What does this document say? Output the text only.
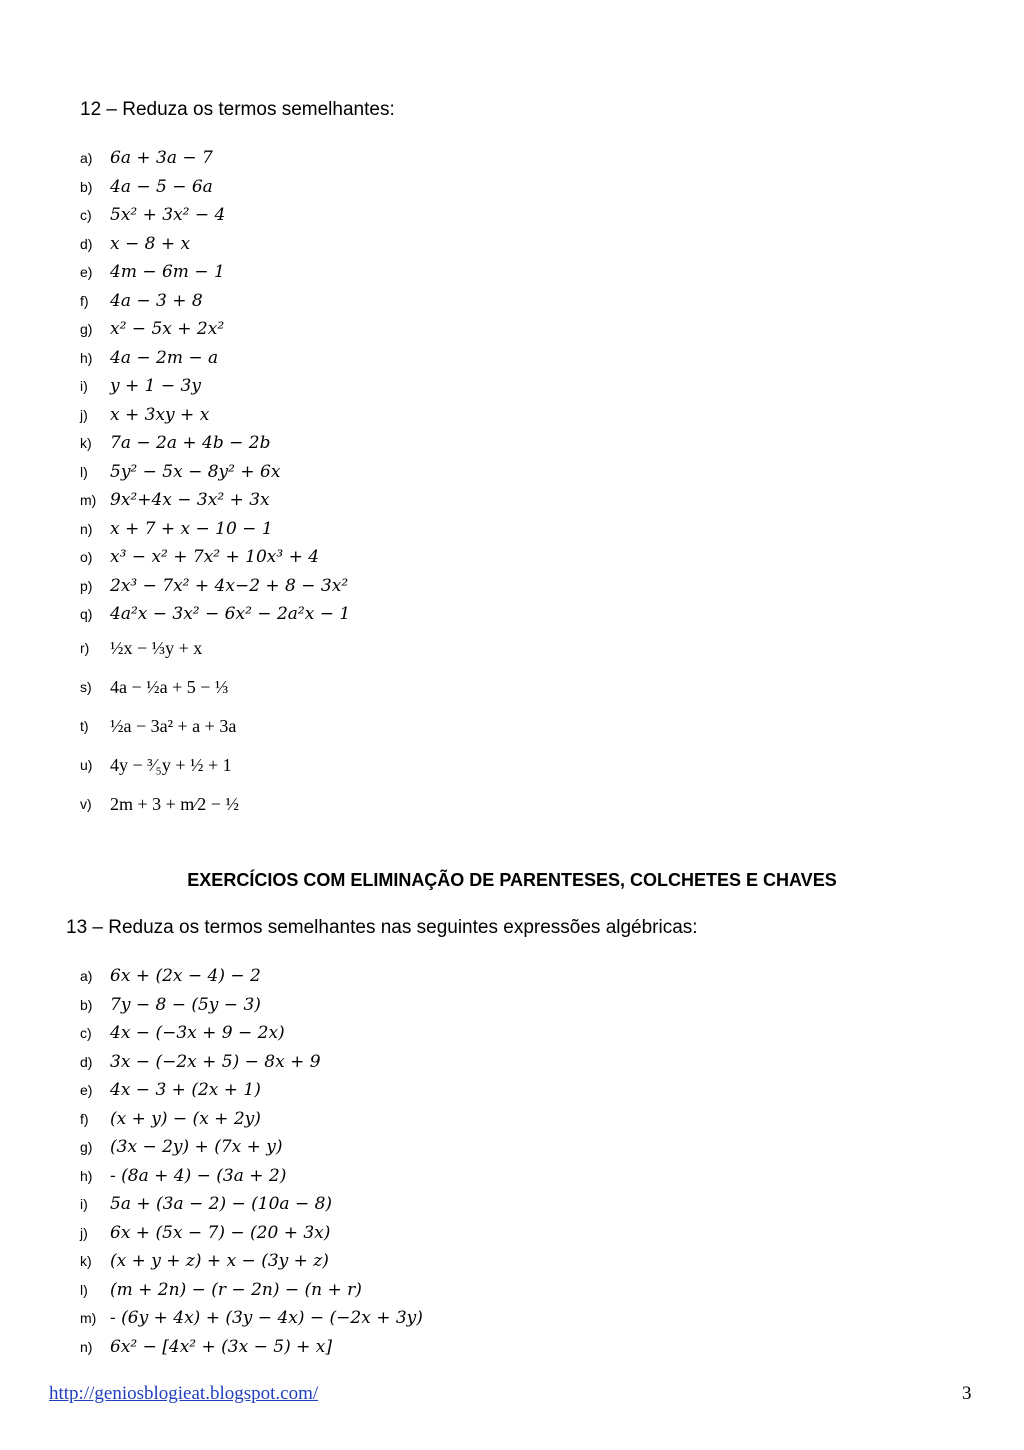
12 – Reduza os termos semelhantes:
a)	6a + 3a − 7
b)	4a − 5 − 6a
c)	5x² + 3x² − 4
d)	x − 8 + x
e)	4m − 6m − 1
f)	4a − 3 + 8
g)	x² − 5x + 2x²
h)	4a − 2m − a
i)	y + 1 − 3y
j)	x + 3xy + x
k)	7a − 2a + 4b − 2b
l)	5y² − 5x − 8y² + 6x
m) 9x²+4x − 3x² + 3x
n)	x + 7 + x − 10 − 1
o)	x³ − x² + 7x² + 10x³ + 4
p)	2x³ − 7x² + 4x−2 + 8 − 3x²
q)	4a²x − 3x² − 6x² − 2a²x − 1
r)	½x − ⅓y + x
s)	4a − ½a + 5 − ⅓
t)	½a − 3a² + a + 3a
u) 4y − ³⁄₅y + ½ + 1
v)	2m + 3 + m⁄2 − ½
EXERCÍCIOS COM ELIMINAÇÃO DE PARENTESES, COLCHETES E CHAVES
13 – Reduza os termos semelhantes nas seguintes expressões algébricas:
a)	6x + (2x − 4) − 2
b)	7y − 8 − (5y − 3)
c)	4x − (−3x + 9 − 2x)
d)	3x − (−2x + 5) − 8x + 9
e)	4x − 3 + (2x + 1)
f)	(x + y) − (x + 2y)
g)	(3x − 2y) + (7x + y)
h)	- (8a + 4) − (3a + 2)
i)	5a + (3a − 2) − (10a − 8)
j)	6x + (5x − 7) − (20 + 3x)
k)	(x + y + z) + x − (3y + z)
l)	(m + 2n) − (r − 2n) − (n + r)
m) - (6y + 4x) + (3y − 4x) − (−2x + 3y)
n)	6x² − [4x² + (3x − 5) + x]
http://geniosblogieat.blogspot.com/	3
